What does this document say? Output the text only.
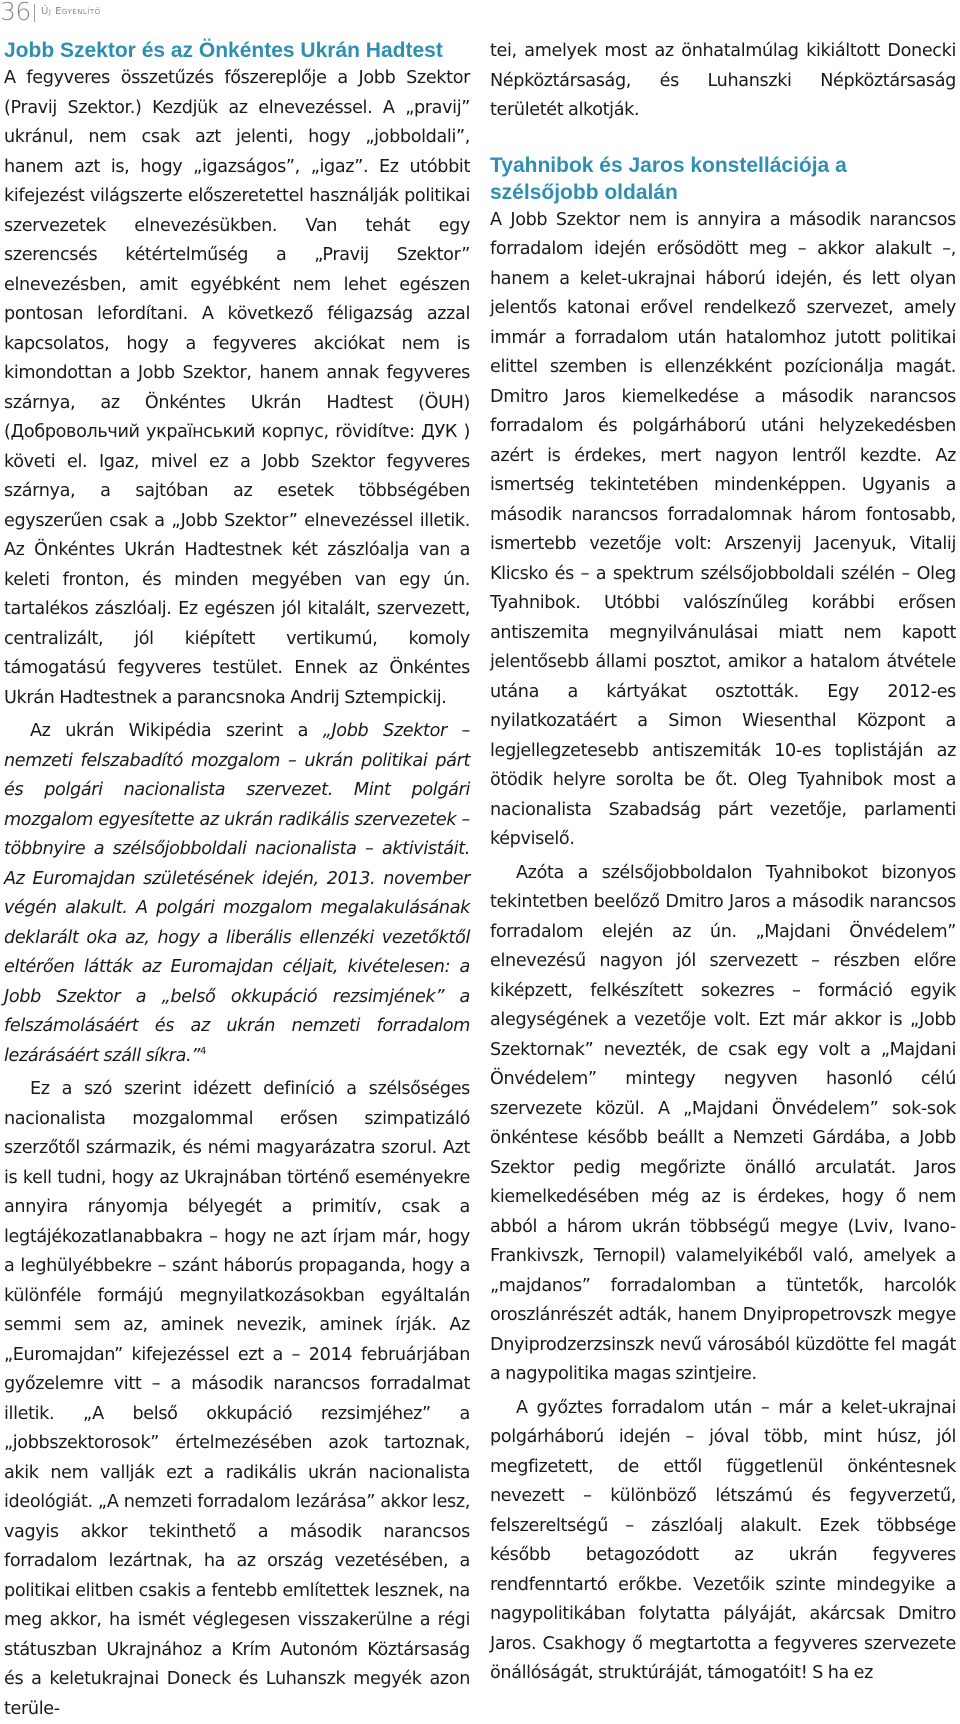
36 Új Egyenlítő
Jobb Szektor és az Önkéntes Ukrán Hadtest

A fegyveres összetűzés főszereplője a Jobb Szektor (Pravij Szektor.) Kezdjük az elnevezéssel. A „pravij” ukránul, nem csak azt jelenti, hogy „jobboldali”, hanem azt is, hogy „igazságos”, „igaz”. Ez utóbbit kifejezést világszerte előszeretettel használják politikai szervezetek elnevezésükben. Van tehát egy szerencsés kétértelműség a „Pravij Szektor” elnevezésben, amit egyébként nem lehet egészen pontosan lefordítani. A következő féligazság azzal kapcsolatos, hogy a fegyveres akciókat nem is kimondottan a Jobb Szektor, hanem annak fegyveres szárnya, az Önkéntes Ukrán Hadtest (ÖUH) (Добровольчий український корпус, rövidítve: ДУК ) követi el. Igaz, mivel ez a Jobb Szektor fegyveres szárnya, a sajtóban az esetek többségében egyszerűen csak a „Jobb Szektor” elnevezéssel illetik. Az Önkéntes Ukrán Hadtestnek két zászlóalja van a keleti fronton, és minden megyében van egy ún. tartalékos zászlóalj. Ez egészen jól kitalált, szervezett, centralizált, jól kiépített vertikumú, komoly támogatású fegyveres testület. Ennek az Önkéntes Ukrán Hadtestnek a parancsnoka Andrij Sztempickij.

Az ukrán Wikipédia szerint a „Jobb Szektor – nemzeti felszabadító mozgalom – ukrán politikai párt és polgári nacionalista szervezet. Mint polgári mozgalom egyesítette az ukrán radikális szervezetek – többnyire a szélsőjobboldali nacionalista – aktivistáit. Az Euromajdan születésének idején, 2013. november végén alakult. A polgári mozgalom megalakulásának deklarált oka az, hogy a liberális ellenzéki vezetőktől eltérően látták az Euromajdan céljait, kivételesen: a Jobb Szektor a „belső okkupáció rezsimjének” a felszámolásáért és az ukrán nemzeti forradalom lezárásáért száll síkra.”$^4$

Ez a szó szerint idézett definíció a szélsőséges nacionalista mozgalommal erősen szimpatizáló szerzőtől származik, és némi magyarázatra szorul. Azt is kell tudni, hogy az Ukrajnában történő eseményekre annyira rányomja bélyegét a primitív, csak a legtájékozatlanabbakra – hogy ne azt írjam már, hogy a leghülyébbekre – szánt háborús propaganda, hogy a különféle formájú megnyilatkozásokban egyáltalán semmi sem az, aminek nevezik, aminek írják. Az „Euromajdan” kifejezéssel ezt a – 2014 februárjában győzelemre vitt – a második narancsos forradalmat illetik. „A belső okkupáció rezsimjéhez” a „jobbszektorosok” értelmezésében azok tartoznak, akik nem vallják ezt a radikális ukrán nacionalista ideológiát. „A nemzeti forradalom lezárása” akkor lesz, vagyis akkor tekinthető a második narancsos forradalom lezártnak, ha az ország vezetésében, a politikai elitben csakis a fentebb említettek lesznek, na meg akkor, ha ismét véglegesen visszakerülne a régi státuszban Ukrajnához a Krím Autonóm Köztársaság és a keletukrajnai Doneck és Luhanszk megyék azon terüle-

tei, amelyek most az önhatalmúlag kikiáltott Donecki Népköztársaság, és Luhanszki Népköztársaság területét alkotják.

Tyahnibok és Jaros konstellációja a szélsőjobb oldalán

A Jobb Szektor nem is annyira a második narancsos forradalom idején erősödött meg – akkor alakult –, hanem a kelet-ukrajnai háború idején, és lett olyan jelentős katonai erővel rendelkező szervezet, amely immár a forradalom után hatalomhoz jutott politikai elittel szemben is ellenzékként pozícionálja magát. Dmitro Jaros kiemelkedése a második narancsos forradalom és polgárháború utáni helyzekedésben azért is érdekes, mert nagyon lentről kezdte. Az ismertség tekintetében mindenképpen. Ugyanis a második narancsos forradalomnak három fontosabb, ismertebb vezetője volt: Arszenyij Jacenyuk, Vitalij Klicsko és – a spektrum szélsőjobboldali szélén – Oleg Tyahnibok. Utóbbi valószínűleg korábbi erősen antiszemita megnyilvánulásai miatt nem kapott jelentősebb állami posztot, amikor a hatalom átvétele utána a kártyákat osztották. Egy 2012-es nyilatkozatáért a Simon Wiesenthal Központ a legjellegzetesebb antiszemiták 10-es toplistáján az ötödik helyre sorolta be őt. Oleg Tyahnibok most a nacionalista Szabadság párt vezetője, parlamenti képviselő.

Azóta a szélsőjobboldalon Tyahnibokot bizonyos tekintetben beelőző Dmitro Jaros a második narancsos forradalom elején az ún. „Majdani Önvédelem” elnevezésű nagyon jól szervezett – részben előre kiképzett, felkészített sokezres – formáció egyik alegységének a vezetője volt. Ezt már akkor is „Jobb Szektornak” nevezték, de csak egy volt a „Majdani Önvédelem” mintegy negyven hasonló célú szervezete közül. A „Majdani Önvédelem” sok-sok önkéntese később beállt a Nemzeti Gárdába, a Jobb Szektor pedig megőrizte önálló arculatát. Jaros kiemelkedésében még az is érdekes, hogy ő nem abból a három ukrán többségű megye (Lviv, Ivano-Frankivszk, Ternopil) valamelyikéből való, amelyek a „majdanos” forradalomban a tüntetők, harcolók oroszlánrészét adták, hanem Dnyipropetrovszk megye Dnyiprodzerzsinszk nevű városából küzdötte fel magát a nagypolitika magas szintjeire.

A győztes forradalom után – már a kelet-ukrajnai polgárháború idején – jóval több, mint húsz, jól megfizetett, de ettől függetlenül önkéntesnek nevezett – különböző létszámú és fegyverzetű, felszereltségű – zászlóalj alakult. Ezek többsége később betagozódott az ukrán fegyveres rendfenntartó erőkbe. Vezetőik szinte mindegyike a nagypolitikában folytatta pályáját, akárcsak Dmitro Jaros. Csakhogy ő megtartotta a fegyveres szervezete önállóságát, struktúráját, támogatóit! S ha ez
